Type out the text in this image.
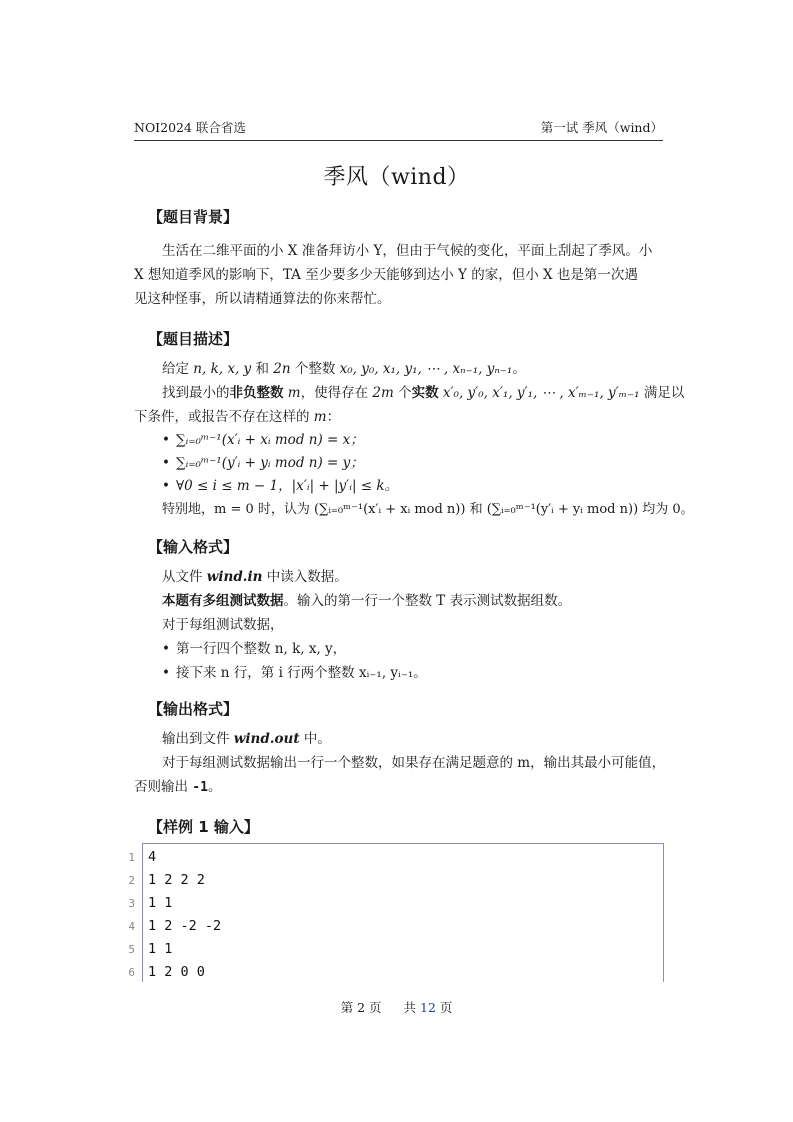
NOI2024 联合省选	第一试 季风（wind）
季风（wind）
【题目背景】
生活在二维平面的小 X 准备拜访小 Y，但由于气候的变化，平面上刮起了季风。小
X 想知道季风的影响下，TA 至少要多少天能够到达小 Y 的家，但小 X 也是第一次遇
见这种怪事，所以请精通算法的你来帮忙。
【题目描述】
给定 n, k, x, y 和 2n 个整数 x₀, y₀, x₁, y₁, ⋯ , xₙ₋₁, yₙ₋₁。
找到最小的非负整数 m，使得存在 2m 个实数 x′₀, y′₀, x′₁, y′₁, ⋯ , x′ₘ₋₁, y′ₘ₋₁ 满足以
下条件，或报告不存在这样的 m：
• ∑ᵢ₌₀ᵐ⁻¹(x′ᵢ + xᵢ mod n) = x；
• ∑ᵢ₌₀ᵐ⁻¹(y′ᵢ + yᵢ mod n) = y；
• ∀0 ≤ i ≤ m − 1，|x′ᵢ| + |y′ᵢ| ≤ k。
特别地，m = 0 时，认为 (∑ᵢ₌₀ᵐ⁻¹(x′ᵢ + xᵢ mod n)) 和 (∑ᵢ₌₀ᵐ⁻¹(y′ᵢ + yᵢ mod n)) 均为 0。
【输入格式】
从文件 wind.in 中读入数据。
本题有多组测试数据。输入的第一行一个整数 T 表示测试数据组数。
对于每组测试数据，
• 第一行四个整数 n, k, x, y，
• 接下来 n 行，第 i 行两个整数 xᵢ₋₁, yᵢ₋₁。
【输出格式】
输出到文件 wind.out 中。
对于每组测试数据输出一行一个整数，如果存在满足题意的 m，输出其最小可能值，
否则输出 -1。
【样例 1 输入】
1 4
2 1 2 2 2
3 1 1
4 1 2 -2 -2
5 1 1
6 1 2 0 0
第 2 页 共 12 页
